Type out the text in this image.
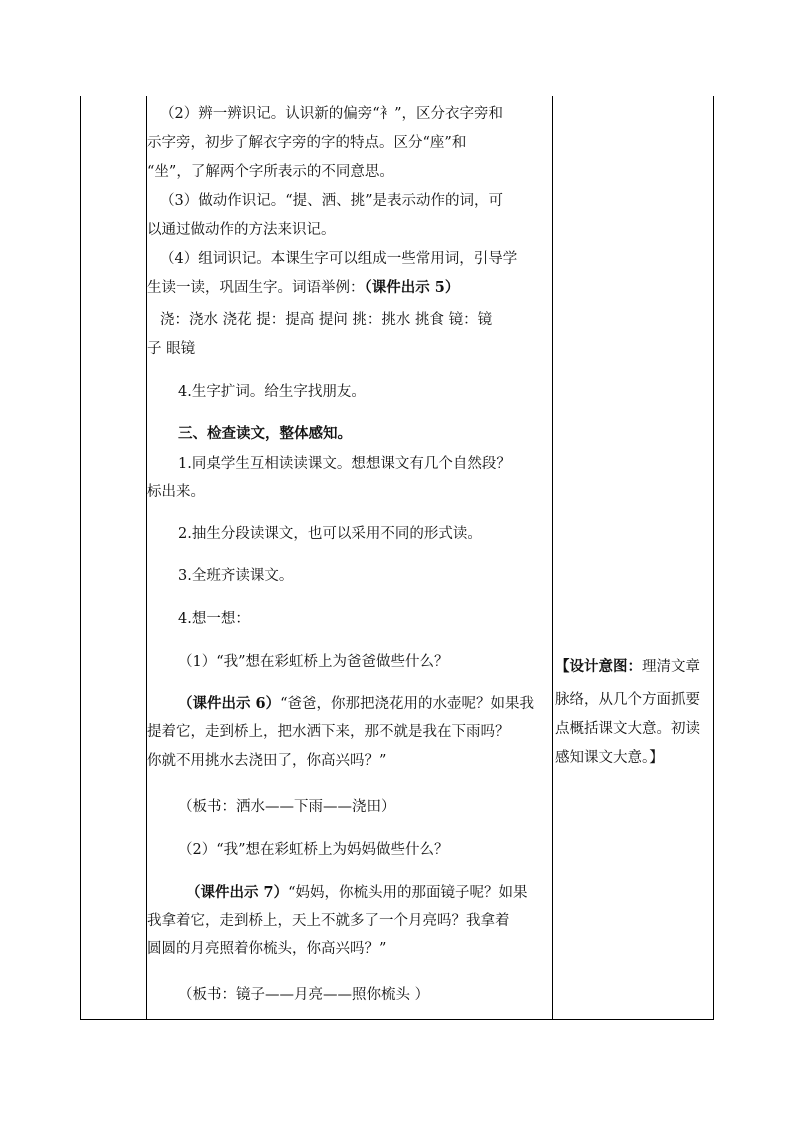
（2）辨一辨识记。认识新的偏旁“衤”，区分衣字旁和
示字旁，初步了解衣字旁的字的特点。区分“座”和
“坐”，了解两个字所表示的不同意思。
（3）做动作识记。“提、洒、挑”是表示动作的词，可
以通过做动作的方法来识记。
（4）组词识记。本课生字可以组成一些常用词，引导学
生读一读，巩固生字。词语举例：（课件出示 5）
浇：浇水 浇花 提：提高 提问 挑：挑水 挑食 镜：镜
子 眼镜
4.生字扩词。给生字找朋友。
三、检查读文，整体感知。
1.同桌学生互相读读课文。想想课文有几个自然段？
标出来。
2.抽生分段读课文，也可以采用不同的形式读。
3.全班齐读课文。
4.想一想：
（1）“我”想在彩虹桥上为爸爸做些什么？
（课件出示 6）“爸爸，你那把浇花用的水壶呢？如果我
提着它，走到桥上，把水洒下来，那不就是我在下雨吗？
你就不用挑水去浇田了，你高兴吗？”
（板书：洒水——下雨——浇田）
（2）“我”想在彩虹桥上为妈妈做些什么？
（课件出示 7）“妈妈，你梳头用的那面镜子呢？如果
我拿着它，走到桥上，天上不就多了一个月亮吗？我拿着
圆圆的月亮照着你梳头，你高兴吗？”
（板书：镜子——月亮——照你梳头 ）
【设计意图：理清文章
脉络，从几个方面抓要
点概括课文大意。初读
感知课文大意。】
